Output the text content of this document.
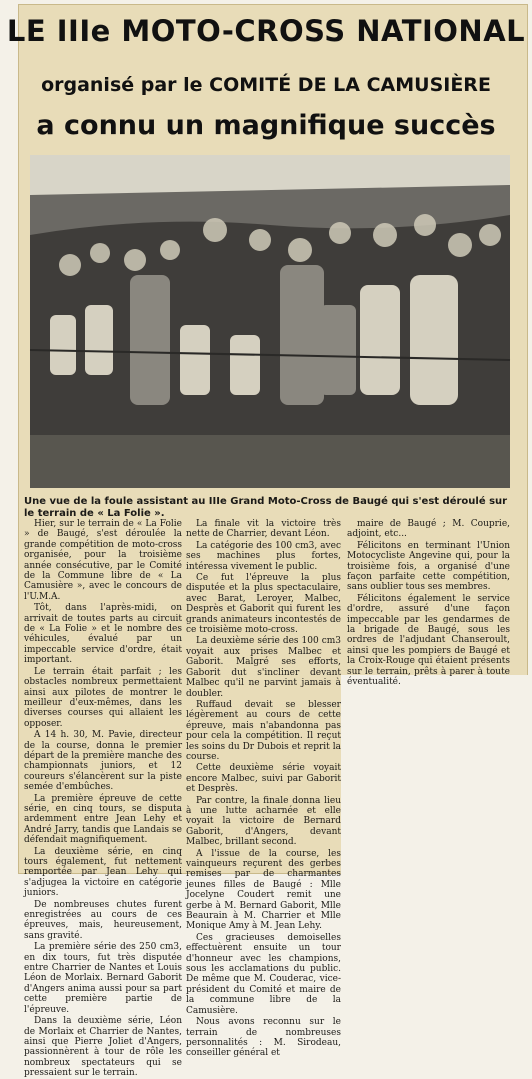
LE IIIe MOTO-CROSS NATIONAL
organisé par le COMITÉ DE LA CAMUSIÈRE
a connu un magnifique succès
Une vue de la foule assistant au IIIe Grand Moto-Cross de Baugé qui s'est déroulé sur le terrain de « La Folie ».

Hier, sur le terrain de « La Folie » de Baugé, s'est déroulée la grande compétition de moto-cross organisée, pour la troisième année consécutive, par le Comité de la Commune libre de « La Camusière », avec le concours de l'U.M.A.

Tôt, dans l'après-midi, on arrivait de toutes parts au circuit de « La Folie » et le nombre des véhicules, évalué par un impeccable service d'ordre, était important.

Le terrain était parfait ; les obstacles nombreux permettaient ainsi aux pilotes de montrer le meilleur d'eux-mêmes, dans les diverses courses qui allaient les opposer.

A 14 h. 30, M. Pavie, directeur de la course, donna le premier départ de la première manche des championnats juniors, et 12 coureurs s'élancèrent sur la piste semée d'embûches.

La première épreuve de cette série, en cinq tours, se disputa ardemment entre Jean Lehy et André Jarry, tandis que Landais se défendait magnifiquement.

La deuxième série, en cinq tours également, fut nettement remportée par Jean Lehy qui s'adjugea la victoire en catégorie juniors.

De nombreuses chutes furent enregistrées au cours de ces épreuves, mais, heureusement, sans gravité.

La première série des 250 cm3, en dix tours, fut très disputée entre Charrier de Nantes et Louis Léon de Morlaix. Bernard Gaborit d'Angers anima aussi pour sa part cette première partie de l'épreuve.

Dans la deuxième série, Léon de Morlaix et Charrier de Nantes, ainsi que Pierre Joliet d'Angers, passionnèrent à tour de rôle les nombreux spectateurs qui se pressaient sur le terrain.

La finale vit la victoire très nette de Charrier, devant Léon.

La catégorie des 100 cm3, avec ses machines plus fortes, intéressa vivement le public.

Ce fut l'épreuve la plus disputée et la plus spectaculaire, avec Barat, Leroyer, Malbec, Desprès et Gaborit qui furent les grands animateurs incontestés de ce troisième moto-cross.

La deuxième série des 100 cm3 voyait aux prises Malbec et Gaborit. Malgré ses efforts, Gaborit dut s'incliner devant Malbec qu'il ne parvint jamais à doubler.

Ruffaud devait se blesser légèrement au cours de cette épreuve, mais n'abandonna pas pour cela la compétition. Il reçut les soins du Dr Dubois et reprit la course.

Cette deuxième série voyait encore Malbec, suivi par Gaborit et Desprès.

Par contre, la finale donna lieu à une lutte acharnée et elle voyait la victoire de Bernard Gaborit, d'Angers, devant Malbec, brillant second.

A l'issue de la course, les vainqueurs reçurent des gerbes remises par de charmantes jeunes filles de Baugé : Mlle Jocelyne Coudert remit une gerbe à M. Bernard Gaborit, Mlle Beaurain à M. Charrier et Mlle Monique Amy à M. Jean Lehy.

Ces gracieuses demoiselles effectuèrent ensuite un tour d'honneur avec les champions, sous les acclamations du public. De même que M. Couderac, vice-président du Comité et maire de la commune libre de la Camusière.

Nous avons reconnu sur le terrain de nombreuses personnalités : M. Sirodeau, conseiller général et

maire de Baugé ; M. Couprie, adjoint, etc...

Félicitons en terminant l'Union Motocycliste Angevine qui, pour la troisième fois, a organisé d'une façon parfaite cette compétition, sans oublier tous ses membres.

Félicitons également le service d'ordre, assuré d'une façon impeccable par les gendarmes de la brigade de Baugé, sous les ordres de l'adjudant Chanseroult, ainsi que les pompiers de Baugé et la Croix-Rouge qui étaient présents sur le terrain, prêts à parer à toute éventualité.
